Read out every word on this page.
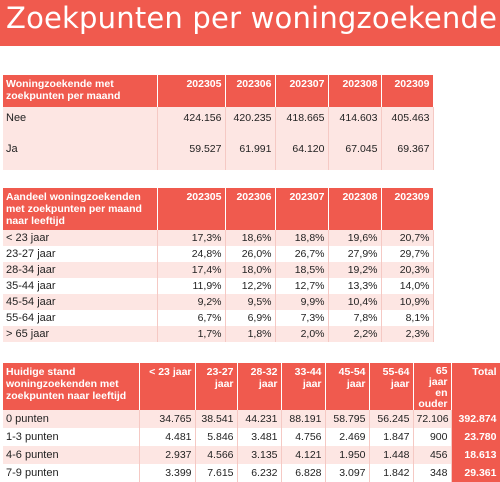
Zoekpunten per woningzoekende
Woningzoekende met zoekpunten per maand	202305	202306	202307	202308	202309
Nee	424.156	420.235	418.665	414.603	405.463
Ja	59.527	61.991	64.120	67.045	69.367
Aandeel woningzoekenden met zoekpunten per maand naar leeftijd	202305	202306	202307	202308	202309
< 23 jaar	17,3%	18,6%	18,8%	19,6%	20,7%
23-27 jaar	24,8%	26,0%	26,7%	27,9%	29,7%
28-34 jaar	17,4%	18,0%	18,5%	19,2%	20,3%
35-44 jaar	11,9%	12,2%	12,7%	13,3%	14,0%
45-54 jaar	9,2%	9,5%	9,9%	10,4%	10,9%
55-64 jaar	6,7%	6,9%	7,3%	7,8%	8,1%
> 65 jaar	1,7%	1,8%	2,0%	2,2%	2,3%
Huidige stand woningzoekenden met zoekpunten naar leeftijd	< 23 jaar	23-27 jaar	28-32 jaar	33-44 jaar	45-54 jaar	55-64 jaar	65 jaar en ouder	Total
0 punten	34.765	38.541	44.231	88.191	58.795	56.245	72.106	392.874
1-3 punten	4.481	5.846	3.481	4.756	2.469	1.847	900	23.780
4-6 punten	2.937	4.566	3.135	4.121	1.950	1.448	456	18.613
7-9 punten	3.399	7.615	6.232	6.828	3.097	1.842	348	29.361
